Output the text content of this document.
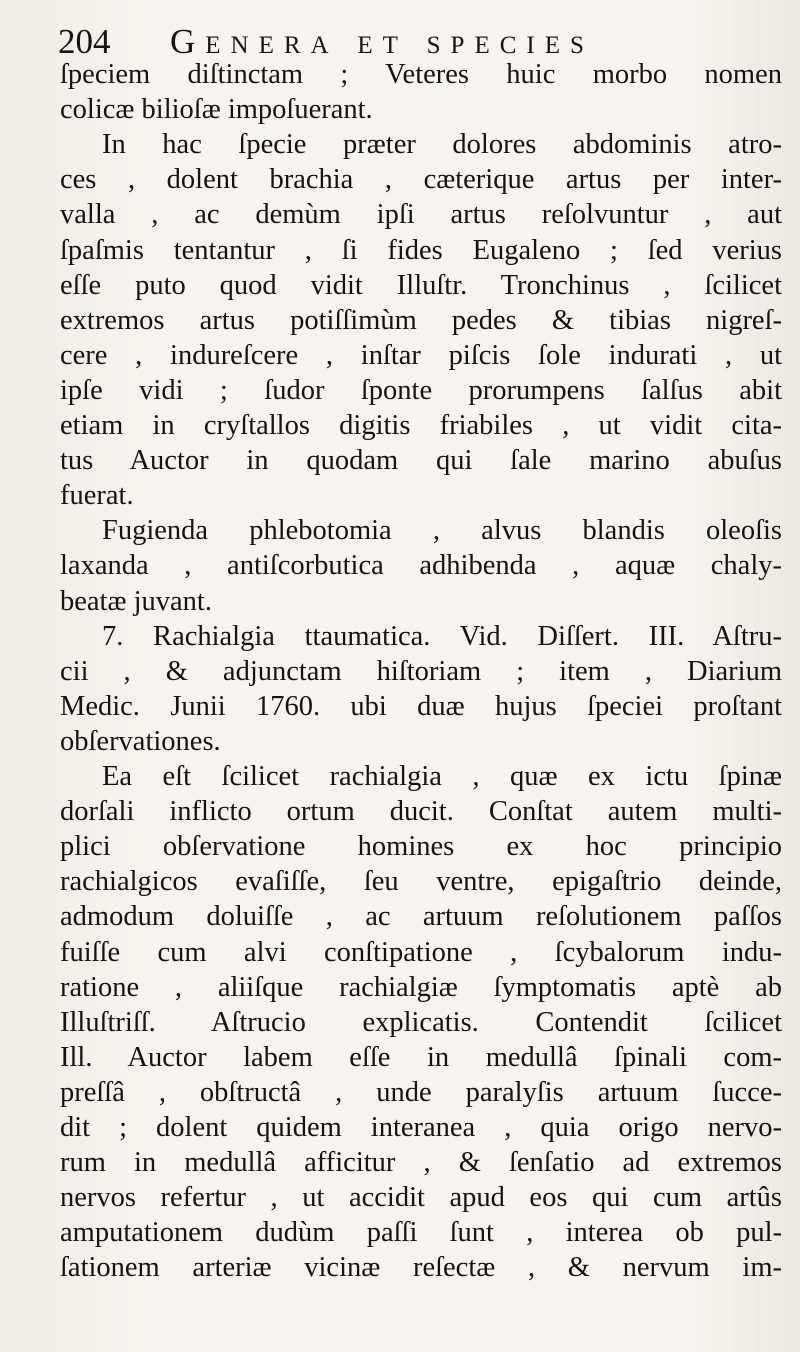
204 Genera et species
ſpeciem diſtinctam ; Veteres huic morbo nomen
colicæ bilioſæ impoſuerant.
In hac ſpecie præter dolores abdominis atro-
ces , dolent brachia , cæterique artus per inter-
valla , ac demùm ipſi artus reſolvuntur , aut
ſpaſmis tentantur , ſi fides Eugaleno ; ſed verius
eſſe puto quod vidit Illuſtr. Tronchinus , ſcilicet
extremos artus potiſſimùm pedes & tibias nigreſ-
cere , indureſcere , inſtar piſcis ſole indurati , ut
ipſe vidi ; ſudor ſponte prorumpens ſalſus abit
etiam in cryſtallos digitis friabiles , ut vidit cita-
tus Auctor in quodam qui ſale marino abuſus
fuerat.
Fugienda phlebotomia , alvus blandis oleoſis
laxanda , antiſcorbutica adhibenda , aquæ chaly-
beatæ juvant.
7. Rachialgia ttaumatica. Vid. Diſſert. III. Aſtru-
cii , & adjunctam hiſtoriam ; item , Diarium
Medic. Junii 1760. ubi duæ hujus ſpeciei proſtant
obſervationes.
Ea eſt ſcilicet rachialgia , quæ ex ictu ſpinæ
dorſali inflicto ortum ducit. Conſtat autem multi-
plici obſervatione homines ex hoc principio
rachialgicos evaſiſſe, ſeu ventre, epigaſtrio deinde,
admodum doluiſſe , ac artuum reſolutionem paſſos
fuiſſe cum alvi conſtipatione , ſcybalorum indu-
ratione , aliiſque rachialgiæ ſymptomatis aptè ab
Illuſtriſſ. Aſtrucio explicatis. Contendit ſcilicet
Ill. Auctor labem eſſe in medullâ ſpinali com-
preſſâ , obſtructâ , unde paralyſis artuum ſucce-
dit ; dolent quidem interanea , quia origo nervo-
rum in medullâ afficitur , & ſenſatio ad extremos
nervos refertur , ut accidit apud eos qui cum artûs
amputationem dudùm paſſi ſunt , interea ob pul-
ſationem arteriæ vicinæ reſectæ , & nervum im-
